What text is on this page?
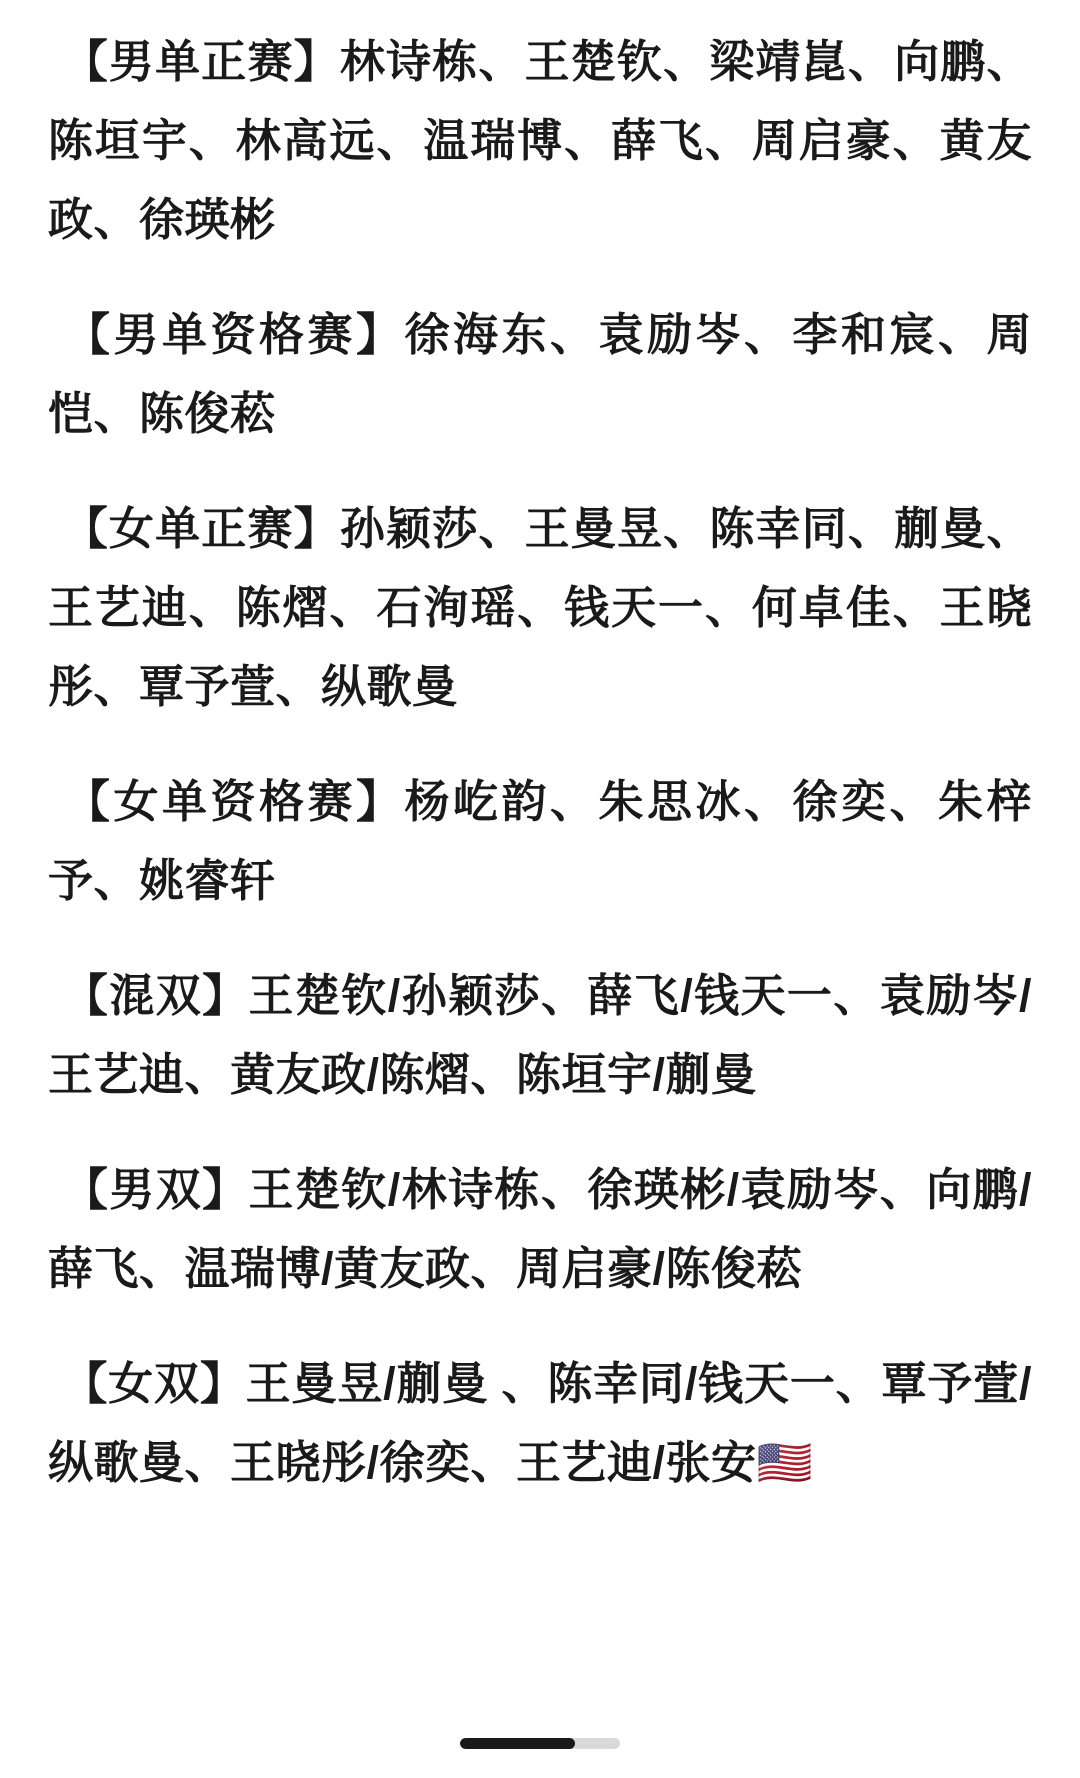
【男单正赛】林诗栋、王楚钦、梁靖崑、向鹏、陈垣宇、林高远、温瑞博、薛飞、周启豪、黄友政、徐瑛彬

【男单资格赛】徐海东、袁励岑、李和宸、周恺、陈俊菘

【女单正赛】孙颖莎、王曼昱、陈幸同、蒯曼、王艺迪、陈熠、石洵瑶、钱天一、何卓佳、王晓彤、覃予萱、纵歌曼

【女单资格赛】杨屹韵、朱思冰、徐奕、朱梓予、姚睿轩

【混双】王楚钦/孙颖莎、薛飞/钱天一、袁励岑/王艺迪、黄友政/陈熠、陈垣宇/蒯曼

【男双】王楚钦/林诗栋、徐瑛彬/袁励岑、向鹏/薛飞、温瑞博/黄友政、周启豪/陈俊菘

【女双】王曼昱/蒯曼 、陈幸同/钱天一、覃予萱/纵歌曼、王晓彤/徐奕、王艺迪/张安🇺🇸
